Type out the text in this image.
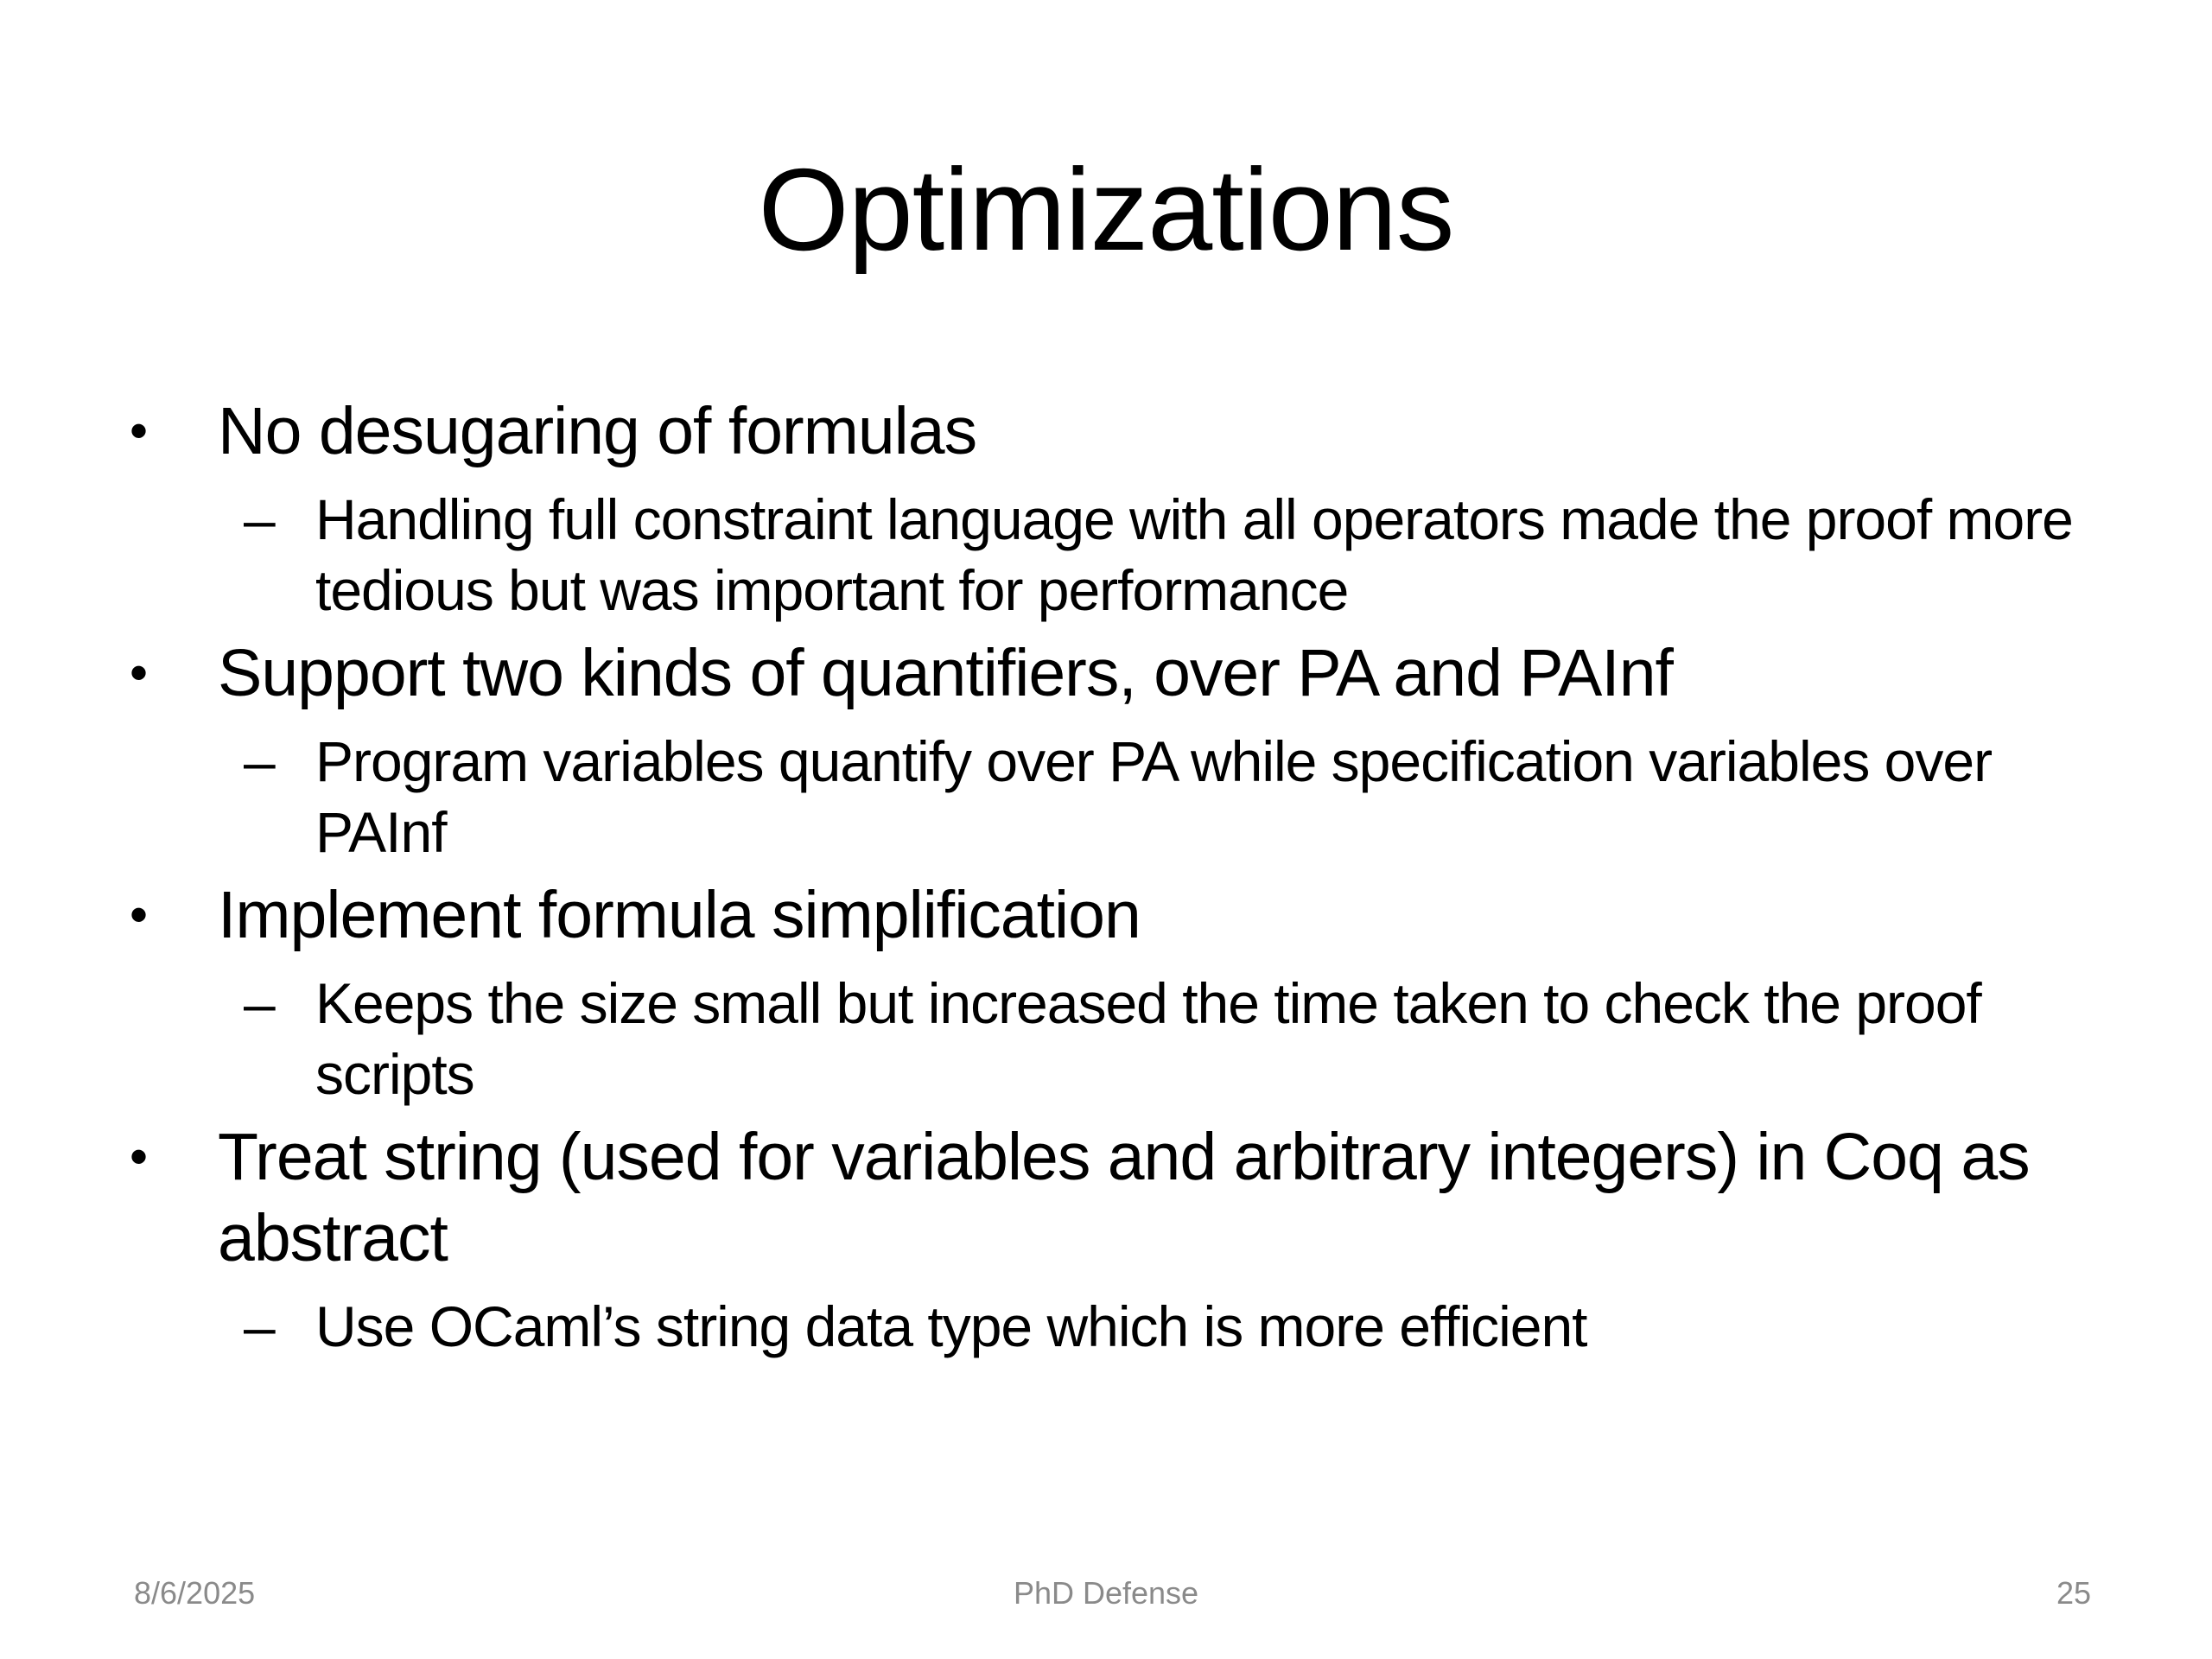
Optimizations
• No desugaring of formulas
– Handling full constraint language with all operators made the proof more tedious but was important for performance
• Support two kinds of quantifiers, over PA and PAInf
– Program variables quantify over PA while specification variables over PAInf
• Implement formula simplification
– Keeps the size small but increased the time taken to check the proof scripts
• Treat string (used for variables and arbitrary integers) in Coq as abstract
– Use OCaml’s string data type which is more efficient
8/6/2025	PhD Defense	25
